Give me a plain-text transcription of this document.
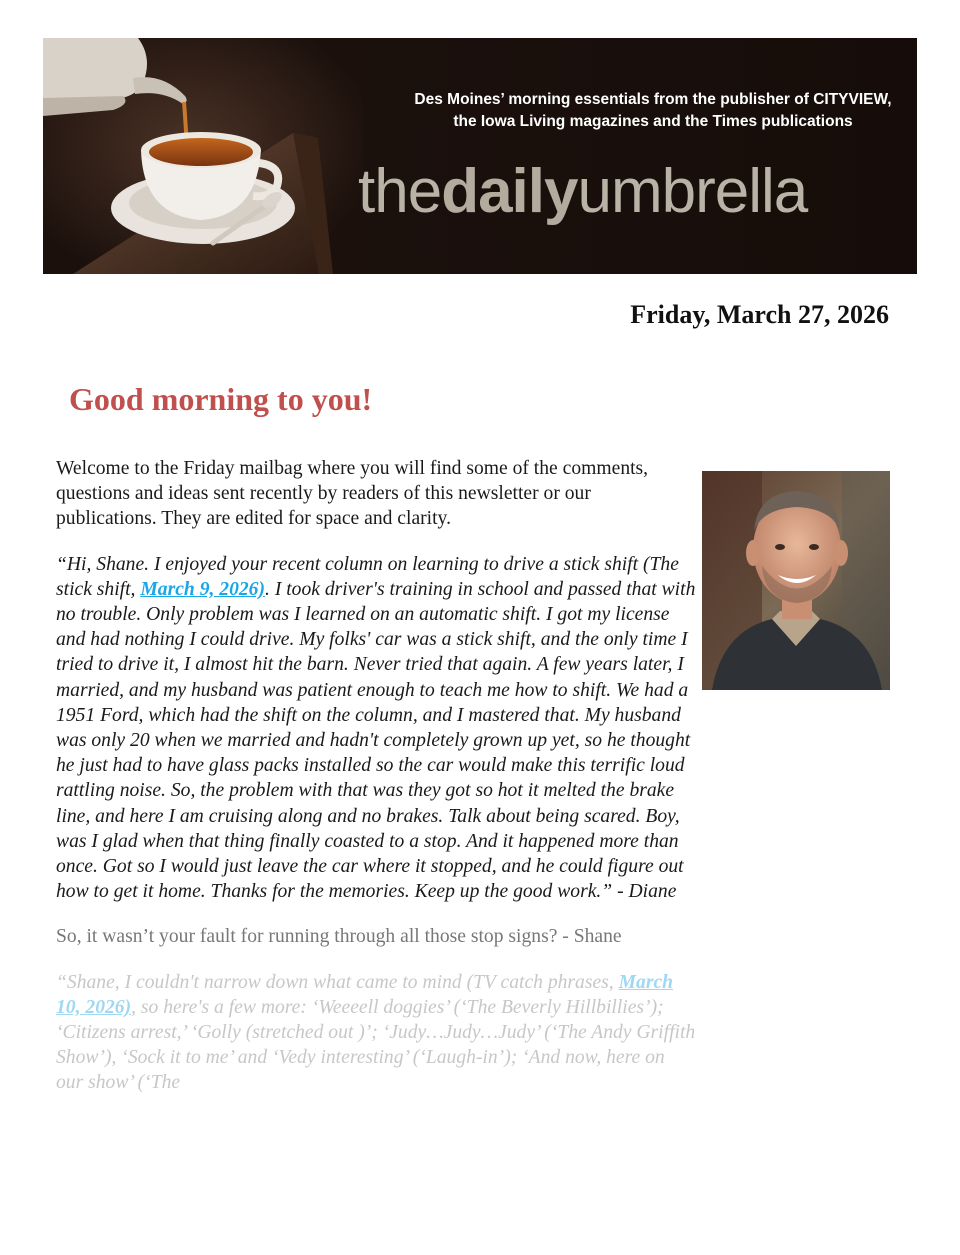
Des Moines’ morning essentials from the publisher of CITYVIEW,
the Iowa Living magazines and the Times publications
thedailyumbrella
Friday, March 27, 2026
Good morning to you!

Welcome to the Friday mailbag where you will find some of the comments, questions and ideas sent recently by readers of this newsletter or our publications. They are edited for space and clarity.

“Hi, Shane. I enjoyed your recent column on learning to drive a stick shift (The stick shift, March 9, 2026). I took driver's training in school and passed that with no trouble. Only problem was I learned on an automatic shift. I got my license and had nothing I could drive. My folks' car was a stick shift, and the only time I tried to drive it, I almost hit the barn. Never tried that again. A few years later, I married, and my husband was patient enough to teach me how to shift. We had a 1951 Ford, which had the shift on the column, and I mastered that. My husband was only 20 when we married and hadn't completely grown up yet, so he thought he just had to have glass packs installed so the car would make this terrific loud rattling noise. So, the problem with that was they got so hot it melted the brake line, and here I am cruising along and no brakes. Talk about being scared. Boy, was I glad when that thing finally coasted to a stop. And it happened more than once. Got so I would just leave the car where it stopped, and he could figure out how to get it home. Thanks for the memories. Keep up the good work.” - Diane

So, it wasn’t your fault for running through all those stop signs? - Shane

“Shane, I couldn't narrow down what came to mind (TV catch phrases, March 10, 2026), so here's a few more: ‘Weeeell doggies’ (‘The Beverly Hillbillies’); ‘Citizens arrest,’ ‘Golly (stretched out )’; ‘Judy…Judy…Judy’ (‘The Andy Griffith Show’), ‘Sock it to me’ and ‘Vedy interesting’ (‘Laugh-in’); ‘And now, here on our show’ (‘The
